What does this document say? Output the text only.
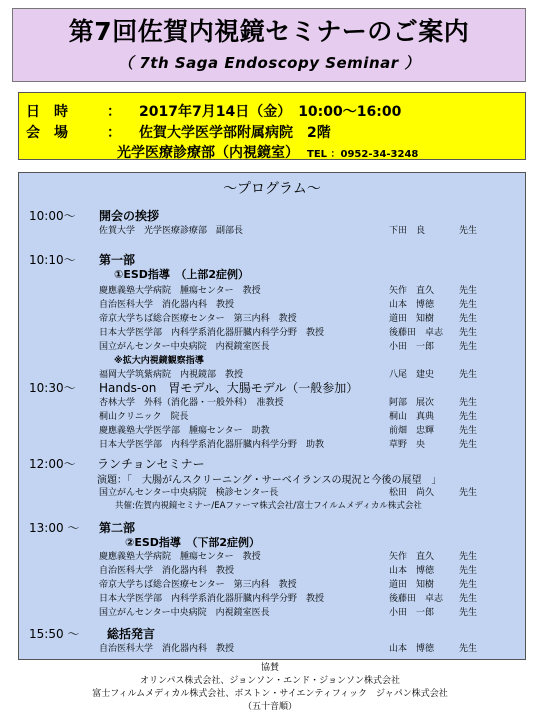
第7回佐賀内視鏡セミナーのご案内
（ 7th Saga Endoscopy Seminar ）
日　時	： 2017年7月14日（金）　10:00～16:00
会　場	： 佐賀大学医学部附属病院　2階
光学医療診療部（内視鏡室） TEL ：0952-34-3248
～プログラム～
10:00～ 開会の挨拶
佐賀大学　光学医療診療部　副部長	下田　良	先生
10:10～ 第一部
①ESD指導　（上部2症例）
慶應義塾大学病院　腫瘍センター　教授	矢作　直久	先生
自治医科大学　消化器内科　教授	山本　博徳	先生
帝京大学ちば総合医療センター　第三内科　教授	道田　知樹	先生
日本大学医学部　内科学系消化器肝臓内科学分野　教授	後藤田　卓志 先生
国立がんセンター中央病院　内視鏡室医長	小田　一郎	先生
※拡大内視鏡観察指導
福岡大学筑紫病院　内視鏡部　教授	八尾　建史	先生
10:30～ Hands-on　胃モデル、大腸モデル（一般参加）
杏林大学　外科（消化器・一般外科）　准教授	阿部　展次	先生
桐山クリニック　院長	桐山　真典	先生
慶應義塾大学医学部　腫瘍センター　助教	前畑　忠輝	先生
日本大学医学部　内科学系消化器肝臓内科学分野　助教	草野　央	先生
12:00～ ランチョンセミナー
演題：「　大腸がんスクリーニング・サーベイランスの現況と今後の展望　」
国立がんセンター中央病院　検診センター長	松田　尚久	先生
共催:佐賀内視鏡セミナー/EAファーマ株式会社/富士フイルムメディカル株式会社
13:00 ～ 第二部
②ESD指導　（下部2症例）
慶應義塾大学病院　腫瘍センター　教授	矢作　直久	先生
自治医科大学　消化器内科　教授	山本　博徳	先生
帝京大学ちば総合医療センター　第三内科　教授	道田　知樹	先生
日本大学医学部　内科学系消化器肝臓内科学分野　教授	後藤田　卓志 先生
国立がんセンター中央病院　内視鏡室医長	小田　一郎	先生
15:50 ～ 総括発言
自治医科大学　消化器内科　教授	山本　博徳	先生
協賛
オリンパス株式会社、ジョンソン・エンド・ジョンソン株式会社
富士フィルムメディカル株式会社、ボストン・サイエンティフィック　ジャパン株式会社
（五十音順）
